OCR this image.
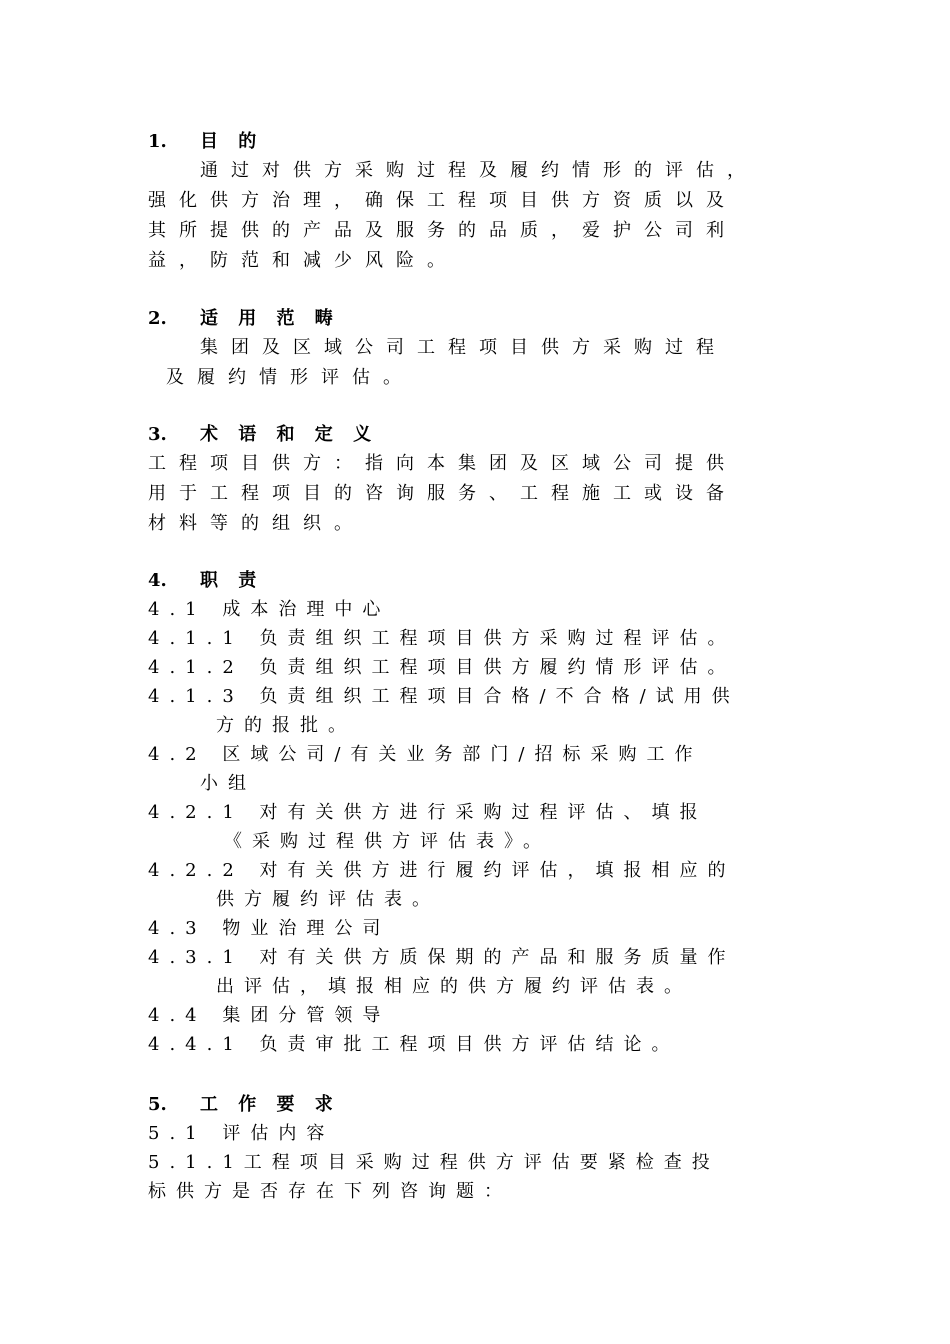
1. 目 的
通过对供方采购过程及履约情形的评估，
强化供方治理，确保工程项目供方资质以及
其所提供的产品及服务的品质，爱护公司利
益，防范和减少风险。
2. 适 用 范 畴
集团及区域公司工程项目供方采购过程
及履约情形评估。
3. 术 语 和 定 义
工程项目供方：指向本集团及区域公司提供
用于工程项目的咨询服务、工程施工或设备
材料等的组织。
4. 职 责
4.1 成本治理中心
4.1.1 负责组织工程项目供方采购过程评估。
4.1.2 负责组织工程项目供方履约情形评估。
4.1.3 负责组织工程项目合格/不合格/试用供
方的报批。
4.2 区域公司/有关业务部门/招标采购工作
小组
4.2.1 对有关供方进行采购过程评估、填报
《采购过程供方评估表》。
4.2.2 对有关供方进行履约评估，填报相应的
供方履约评估表。
4.3 物业治理公司
4.3.1 对有关供方质保期的产品和服务质量作
出评估，填报相应的供方履约评估表。
4.4 集团分管领导
4.4.1 负责审批工程项目供方评估结论。
5. 工 作 要 求
5.1 评估内容
5.1.1工程项目采购过程供方评估要紧检查投
标供方是否存在下列咨询题：
